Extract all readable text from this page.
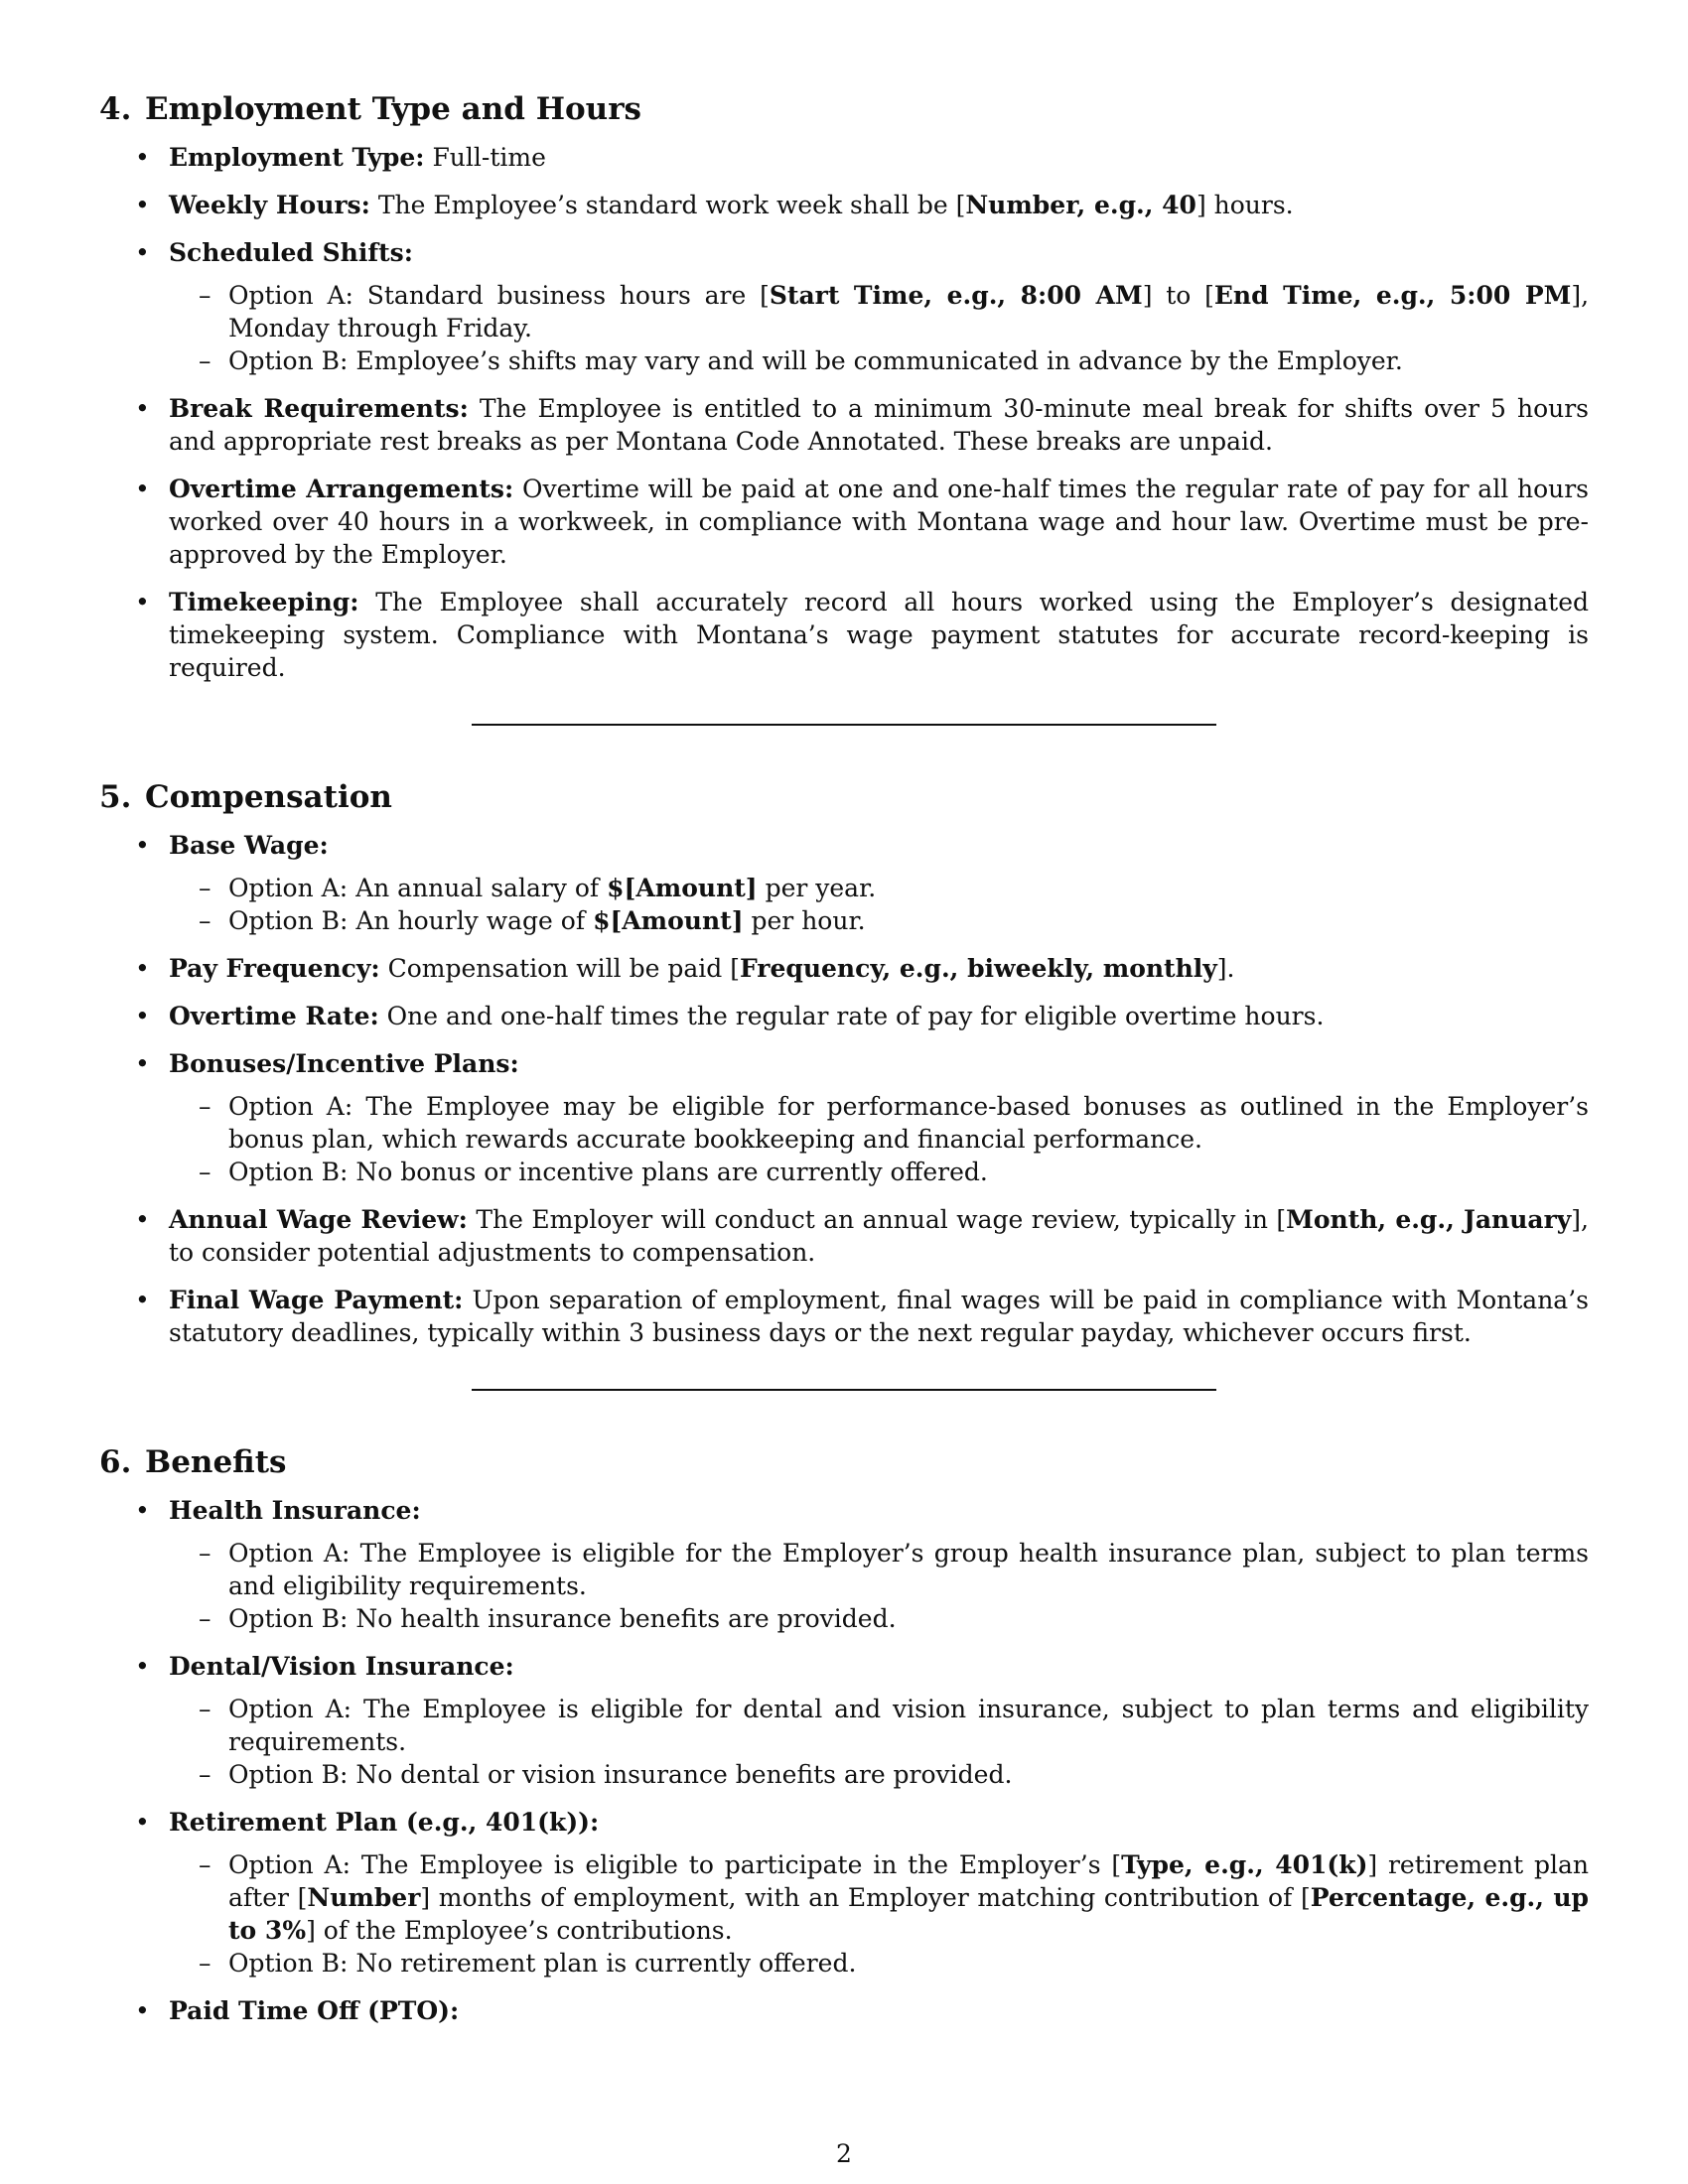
4. Employment Type and Hours
• Employment Type: Full-time
• Weekly Hours: The Employee’s standard work week shall be [Number, e.g., 40] hours.
• Scheduled Shifts:
– Option A: Standard business hours are [Start Time, e.g., 8:00 AM] to [End Time, e.g., 5:00 PM], Monday through Friday.
– Option B: Employee’s shifts may vary and will be communicated in advance by the Employer.
• Break Requirements: The Employee is entitled to a minimum 30-minute meal break for shifts over 5 hours and appropriate rest breaks as per Montana Code Annotated. These breaks are unpaid.
• Overtime Arrangements: Overtime will be paid at one and one-half times the regular rate of pay for all hours worked over 40 hours in a workweek, in compliance with Montana wage and hour law. Overtime must be pre-approved by the Employer.
• Timekeeping: The Employee shall accurately record all hours worked using the Employer’s designated timekeeping system. Compliance with Montana’s wage payment statutes for accurate record-keeping is required.
5. Compensation
• Base Wage:
– Option A: An annual salary of $[Amount] per year.
– Option B: An hourly wage of $[Amount] per hour.
• Pay Frequency: Compensation will be paid [Frequency, e.g., biweekly, monthly].
• Overtime Rate: One and one-half times the regular rate of pay for eligible overtime hours.
• Bonuses/Incentive Plans:
– Option A: The Employee may be eligible for performance-based bonuses as outlined in the Employer’s bonus plan, which rewards accurate bookkeeping and financial performance.
– Option B: No bonus or incentive plans are currently offered.
• Annual Wage Review: The Employer will conduct an annual wage review, typically in [Month, e.g., January], to consider potential adjustments to compensation.
• Final Wage Payment: Upon separation of employment, final wages will be paid in compliance with Montana’s statutory deadlines, typically within 3 business days or the next regular payday, whichever occurs first.
6. Benefits
• Health Insurance:
– Option A: The Employee is eligible for the Employer’s group health insurance plan, subject to plan terms and eligibility requirements.
– Option B: No health insurance benefits are provided.
• Dental/Vision Insurance:
– Option A: The Employee is eligible for dental and vision insurance, subject to plan terms and eligibility requirements.
– Option B: No dental or vision insurance benefits are provided.
• Retirement Plan (e.g., 401(k)):
– Option A: The Employee is eligible to participate in the Employer’s [Type, e.g., 401(k)] retirement plan after [Number] months of employment, with an Employer matching contribution of [Percentage, e.g., up to 3%] of the Employee’s contributions.
– Option B: No retirement plan is currently offered.
• Paid Time Off (PTO):
2
